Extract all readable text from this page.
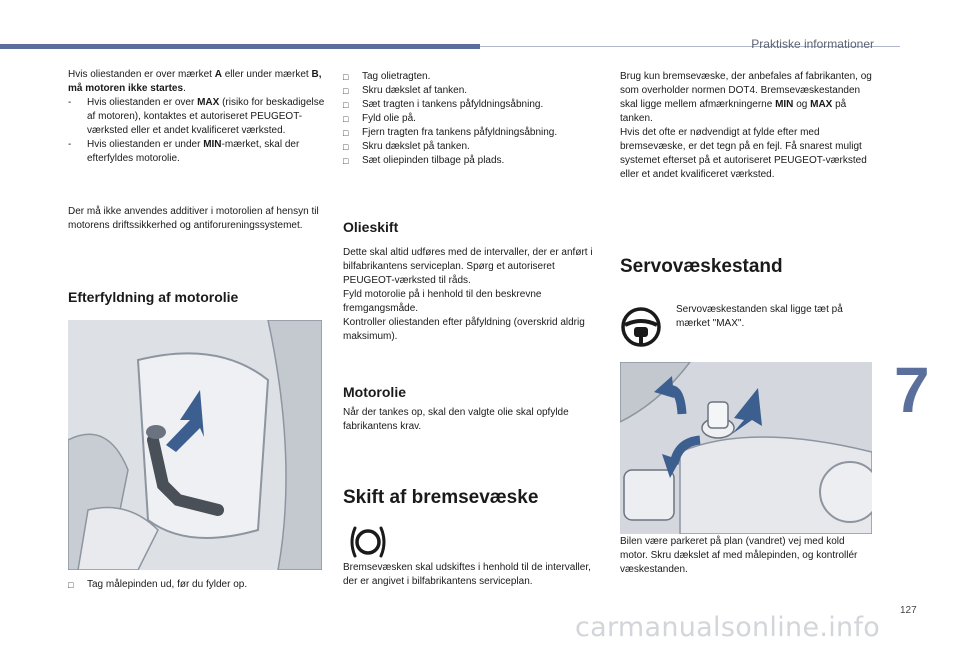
Praktiske informationer
7
127

Hvis oliestanden er over mærket A eller under mærket B, må motoren ikke startes.

- Hvis oliestanden er over MAX (risiko for beskadigelse af motoren), kontaktes et autoriseret PEUGEOT-værksted eller et andet kvalificeret værksted.

- Hvis oliestanden er under MIN-mærket, skal der efterfyldes motorolie.

Der må ikke anvendes additiver i motorolien af hensyn til motorens driftssikkerhed og antiforureningssystemet.
Efterfyldning af motorolie
□ Tag målepinden ud, før du fylder op.

□ Tag olietragten.

□ Skru dækslet af tanken.

□ Sæt tragten i tankens påfyldningsåbning.

□ Fyld olie på.

□ Fjern tragten fra tankens påfyldningsåbning.

□ Skru dækslet på tanken.

□ Sæt oliepinden tilbage på plads.

Olieskift

Dette skal altid udføres med de intervaller, der er anført i bilfabrikantens serviceplan. Spørg et autoriseret PEUGEOT-værksted til råds.

Fyld motorolie på i henhold til den beskrevne fremgangsmåde.

Kontroller oliestanden efter påfyldning (overskrid aldrig maksimum).

Motorolie
Når der tankes op, skal den valgte olie skal opfylde fabrikantens krav.
Skift af bremsevæske
Bremsevæsken skal udskiftes i henhold til de intervaller, der er angivet i bilfabrikantens serviceplan.

Brug kun bremsevæske, der anbefales af fabrikanten, og som overholder normen DOT4. Bremsevæskestanden skal ligge mellem afmærkningerne MIN og MAX på tanken.

Hvis det ofte er nødvendigt at fylde efter med bremsevæske, er det tegn på en fejl. Få snarest muligt systemet efterset på et autoriseret PEUGEOT-værksted eller et andet kvalificeret værksted.

Servovæskestand
Servovæskestanden skal ligge tæt på mærket "MAX".
Bilen være parkeret på plan (vandret) vej med kold motor. Skru dækslet af med målepinden, og kontrollér væskestanden.
carmanualsonline.info
